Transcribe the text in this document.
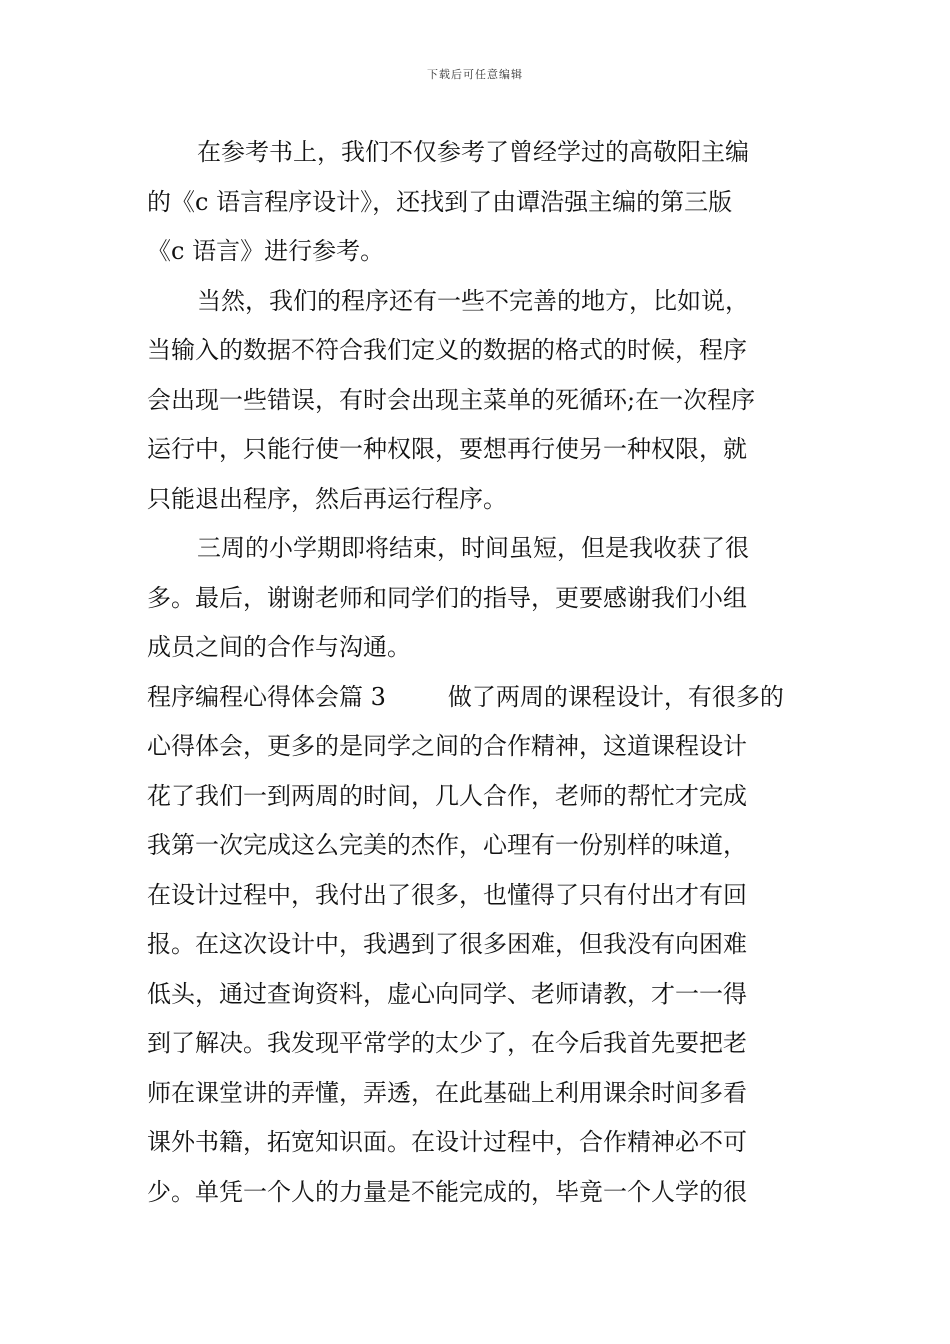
下载后可任意编辑
在参考书上，我们不仅参考了曾经学过的高敬阳主编
的《c 语言程序设计》，还找到了由谭浩强主编的第三版
《c 语言》进行参考。
当然，我们的程序还有一些不完善的地方，比如说，
当输入的数据不符合我们定义的数据的格式的时候，程序
会出现一些错误，有时会出现主菜单的死循环;在一次程序
运行中，只能行使一种权限，要想再行使另一种权限，就
只能退出程序，然后再运行程序。
三周的小学期即将结束，时间虽短，但是我收获了很
多。最后，谢谢老师和同学们的指导，更要感谢我们小组
成员之间的合作与沟通。
程序编程心得体会篇 3	做了两周的课程设计，有很多的
心得体会，更多的是同学之间的合作精神，这道课程设计
花了我们一到两周的时间，几人合作，老师的帮忙才完成
我第一次完成这么完美的杰作，心理有一份别样的味道，
在设计过程中，我付出了很多，也懂得了只有付出才有回
报。在这次设计中，我遇到了很多困难，但我没有向困难
低头，通过查询资料，虚心向同学、老师请教，才一一得
到了解决。我发现平常学的太少了，在今后我首先要把老
师在课堂讲的弄懂，弄透，在此基础上利用课余时间多看
课外书籍，拓宽知识面。在设计过程中，合作精神必不可
少。单凭一个人的力量是不能完成的，毕竟一个人学的很
